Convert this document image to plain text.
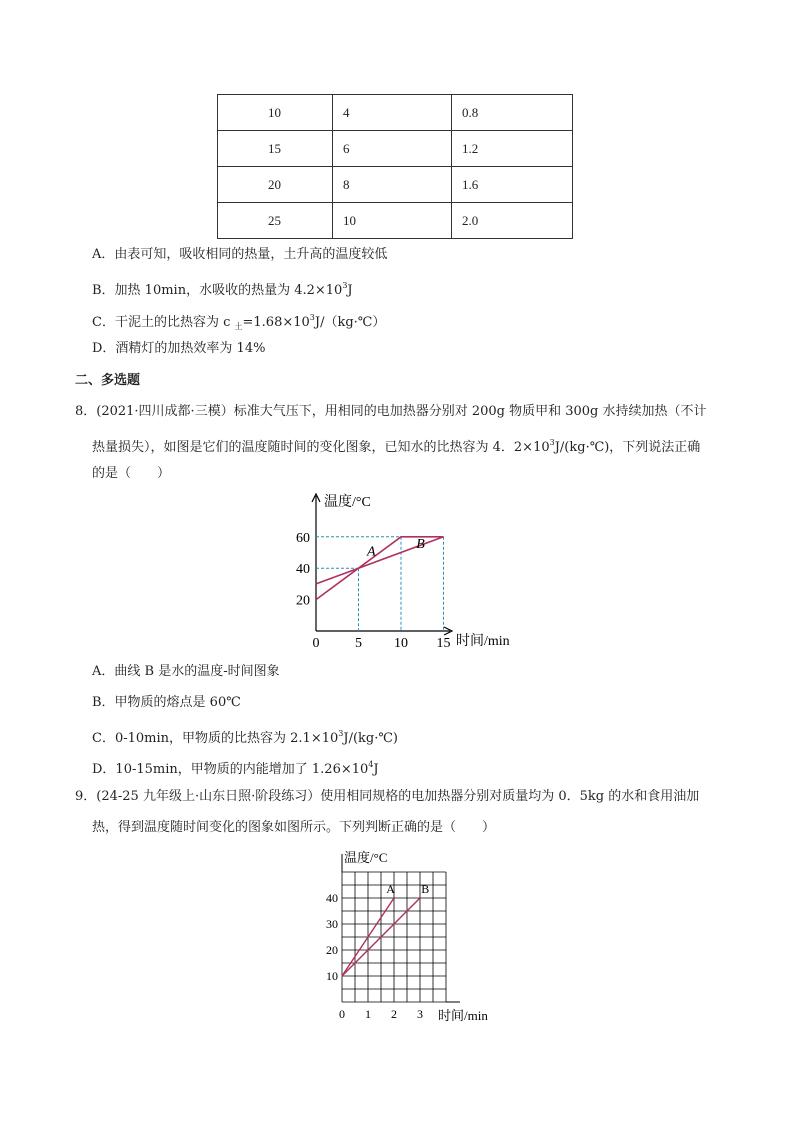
10	4	0.8
15	6	1.2
20	8	1.6
25	10	2.0
A．由表可知，吸收相同的热量，土升高的温度较低
B．加热 10min，水吸收的热量为 $4.2\times 10^3J$
C．干泥土的比热容为 c $_土=1.68\times 10^3J/(kg\cdot℃)$
D．酒精灯的加热效率为 14%
二、多选题
8．(2021·四川成都·三模）标准大气压下，用相同的电加热器分别对 200g 物质甲和 300g 水持续加热（不计
热量损失），如图是它们的温度随时间的变化图象，已知水的比热容为 4．$2\times 10^3J/(kg\cdot℃)$，下列说法正确
的是（　　）
温度/°C
时间/min
0	5 10 15
20
40
60
A
B
A．曲线 B 是水的温度-时间图象
B．甲物质的熔点是 60℃
C．0-10min，甲物质的比热容为 $2.1\times 10^3J/(kg\cdot℃)$
D．10-15min，甲物质的内能增加了 $1.26\times 10^4J$
9．(24-25 九年级上·山东日照·阶段练习）使用相同规格的电加热器分别对质量均为 0．5kg 的水和食用油加
热，得到温度随时间变化的图象如图所示。下列判断正确的是（　　）
温度/°C
时间/min
0 1 2 3
10
20
30
40
A B
